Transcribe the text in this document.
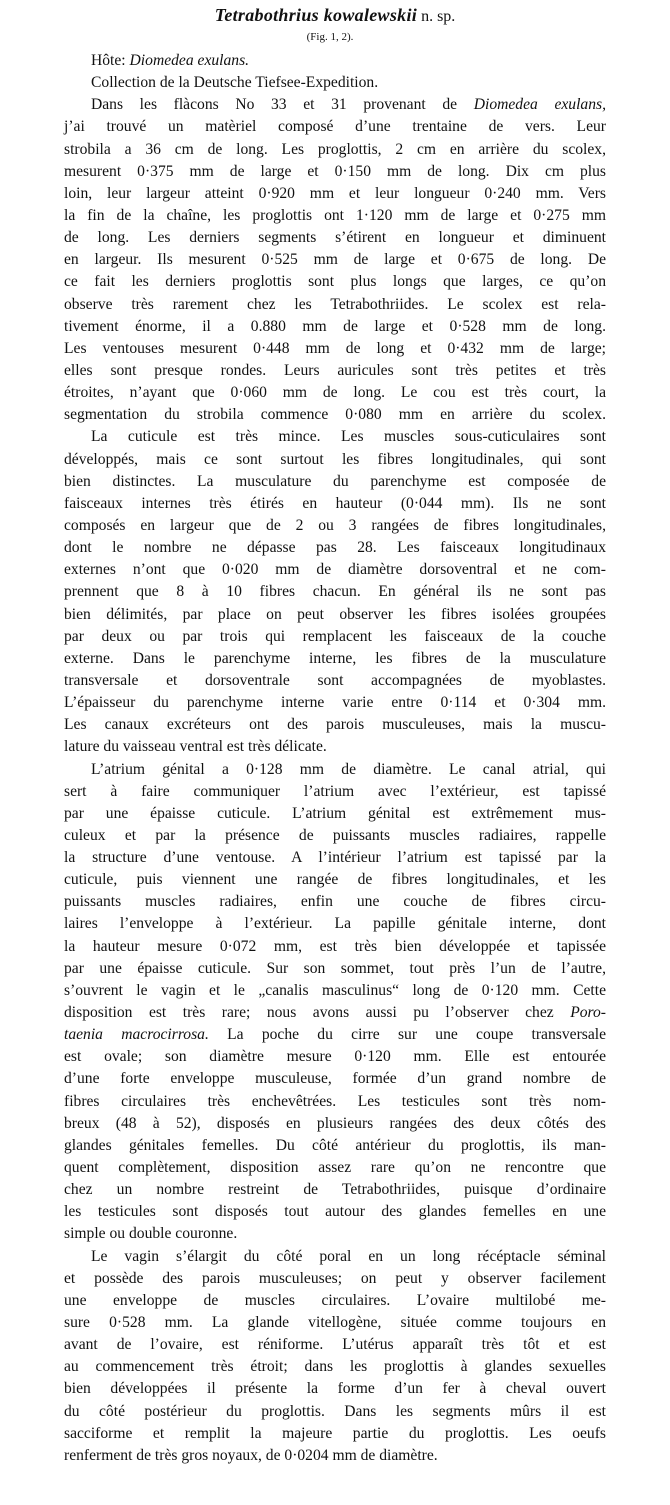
Tetrabothrius kowalewskii n. sp.
(Fig. 1, 2).
Hôte: Diomedea exulans.
Collection de la Deutsche Tiefsee-Expedition.
Dans les flàcons No 33 et 31 provenant de Diomedea exulans,
j’ai trouvé un matèriel composé d’une trentaine de vers. Leur
strobila a 36 cm de long. Les proglottis, 2 cm en arrière du scolex,
mesurent 0·375 mm de large et 0·150 mm de long. Dix cm plus
loin, leur largeur atteint 0·920 mm et leur longueur 0·240 mm. Vers
la fin de la chaîne, les proglottis ont 1·120 mm de large et 0·275 mm
de long. Les derniers segments s’étirent en longueur et diminuent
en largeur. Ils mesurent 0·525 mm de large et 0·675 de long. De
ce fait les derniers proglottis sont plus longs que larges, ce qu’on
observe très rarement chez les Tetrabothriides. Le scolex est rela-
tivement énorme, il a 0.880 mm de large et 0·528 mm de long.
Les ventouses mesurent 0·448 mm de long et 0·432 mm de large;
elles sont presque rondes. Leurs auricules sont très petites et très
étroites, n’ayant que 0·060 mm de long. Le cou est très court, la
segmentation du strobila commence 0·080 mm en arrière du scolex.
La cuticule est très mince. Les muscles sous-cuticulaires sont
développés, mais ce sont surtout les fibres longitudinales, qui sont
bien distinctes. La musculature du parenchyme est composée de
faisceaux internes très étirés en hauteur (0·044 mm). Ils ne sont
composés en largeur que de 2 ou 3 rangées de fibres longitudinales,
dont le nombre ne dépasse pas 28. Les faisceaux longitudinaux
externes n’ont que 0·020 mm de diamètre dorsoventral et ne com-
prennent que 8 à 10 fibres chacun. En général ils ne sont pas
bien délimités, par place on peut observer les fibres isolées groupées
par deux ou par trois qui remplacent les faisceaux de la couche
externe. Dans le parenchyme interne, les fibres de la musculature
transversale et dorsoventrale sont accompagnées de myoblastes.
L’épaisseur du parenchyme interne varie entre 0·114 et 0·304 mm.
Les canaux excréteurs ont des parois musculeuses, mais la muscu-
lature du vaisseau ventral est très délicate.
L’atrium génital a 0·128 mm de diamètre. Le canal atrial, qui
sert à faire communiquer l’atrium avec l’extérieur, est tapissé
par une épaisse cuticule. L’atrium génital est extrêmement mus-
culeux et par la présence de puissants muscles radiaires, rappelle
la structure d’une ventouse. A l’intérieur l’atrium est tapissé par la
cuticule, puis viennent une rangée de fibres longitudinales, et les
puissants muscles radiaires, enfin une couche de fibres circu-
laires l’enveloppe à l’extérieur. La papille génitale interne, dont
la hauteur mesure 0·072 mm, est très bien développée et tapissée
par une épaisse cuticule. Sur son sommet, tout près l’un de l’autre,
s’ouvrent le vagin et le „canalis masculinus“ long de 0·120 mm. Cette
disposition est très rare; nous avons aussi pu l’observer chez Poro-
taenia macrocirrosa. La poche du cirre sur une coupe transversale
est ovale; son diamètre mesure 0·120 mm. Elle est entourée
d’une forte enveloppe musculeuse, formée d’un grand nombre de
fibres circulaires très enchevêtrées. Les testicules sont très nom-
breux (48 à 52), disposés en plusieurs rangées des deux côtés des
glandes génitales femelles. Du côté antérieur du proglottis, ils man-
quent complètement, disposition assez rare qu’on ne rencontre que
chez un nombre restreint de Tetrabothriides, puisque d’ordinaire
les testicules sont disposés tout autour des glandes femelles en une
simple ou double couronne.
Le vagin s’élargit du côté poral en un long récéptacle séminal
et possède des parois musculeuses; on peut y observer facilement
une enveloppe de muscles circulaires. L’ovaire multilobé me-
sure 0·528 mm. La glande vitellogène, située comme toujours en
avant de l’ovaire, est réniforme. L’utérus apparaît très tôt et est
au commencement très étroit; dans les proglottis à glandes sexuelles
bien développées il présente la forme d’un fer à cheval ouvert
du côté postérieur du proglottis. Dans les segments mûrs il est
sacciforme et remplit la majeure partie du proglottis. Les oeufs
renferment de très gros noyaux, de 0·0204 mm de diamètre.
